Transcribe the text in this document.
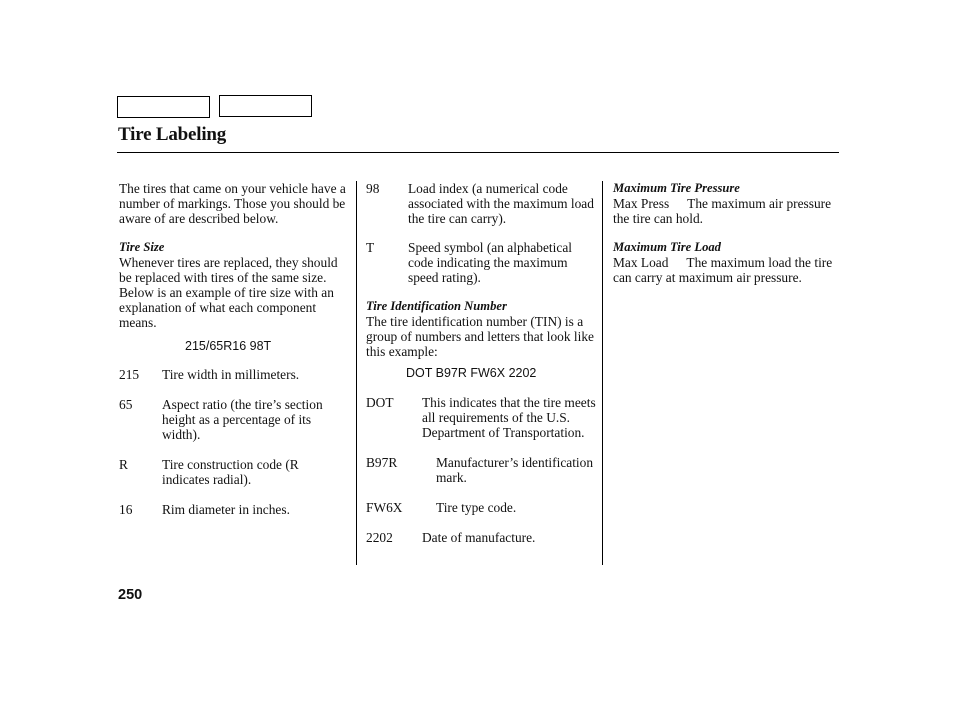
Tire Labeling

The tires that came on your vehicle have a number of markings. Those you should be aware of are described below.

Tire Size

Whenever tires are replaced, they should be replaced with tires of the same size. Below is an example of tire size with an explanation of what each component means.

215/65R16 98T

215 Tire width in millimeters.

65 Aspect ratio (the tire’s section height as a percentage of its width).

R	Tire construction code (R indicates radial).

16 Rim diameter in inches.

98 Load index (a numerical code associated with the maximum load the tire can carry).

T	Speed symbol (an alphabetical code indicating the maximum speed rating).

Tire Identification Number

The tire identification number (TIN) is a group of numbers and letters that look like this example:

DOT B97R FW6X 2202

DOT This indicates that the tire meets all requirements of the U.S. Department of Transportation.

B97R	Manufacturer’s identification mark.

FW6X	Tire type code.

2202 Date of manufacture.

Maximum Tire Pressure

Max Press The maximum air pressure the tire can hold.

Maximum Tire Load

Max Load The maximum load the tire can carry at maximum air pressure.

250
